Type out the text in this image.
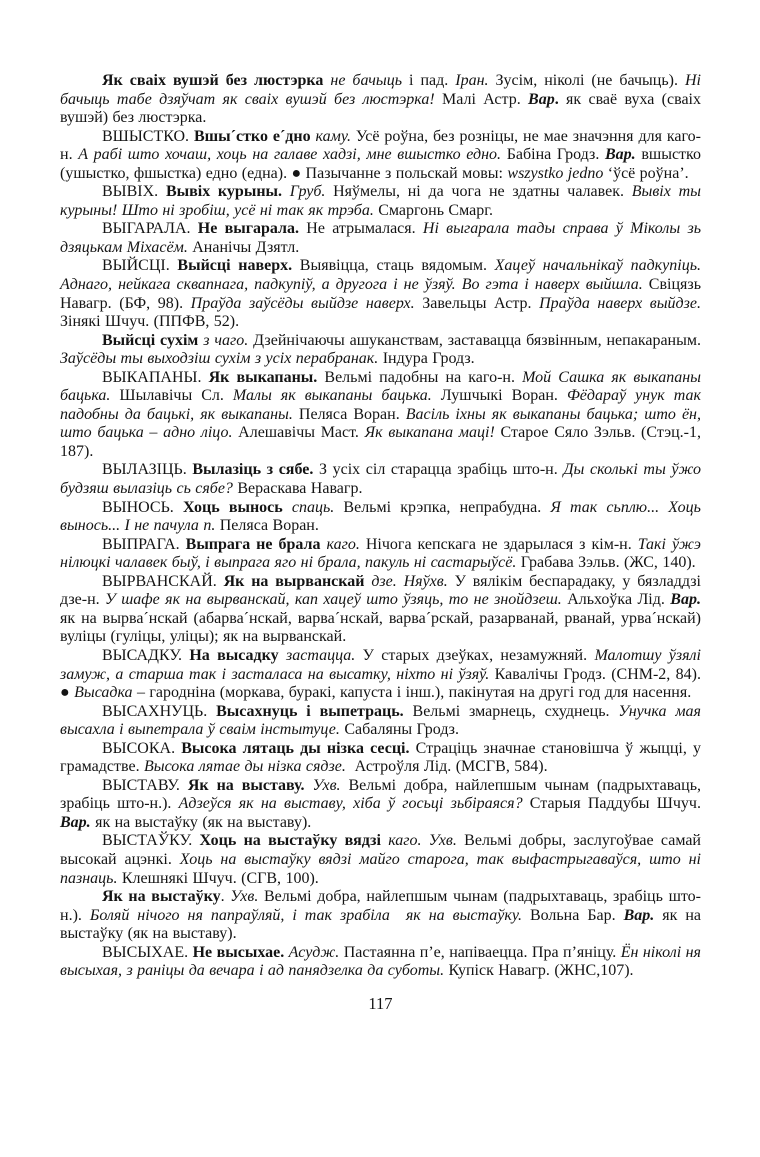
Як сваіх вушэй без люстэрка не бачыць і пад. Іран. Зусім, ніколі (не бачыць). Ні бачыць табе дзяўчат як сваіх вушэй без люстэрка! Малі Астр. Вар. як сваё вуха (сваіх вушэй) без люстэрка.

ВШЫСТКО. Вшы´стко е´дно каму. Усё роўна, без розніцы, не мае значэння для каго-н. А рабі што хочаш, хоць на галаве хадзі, мне вшыстко едно. Бабіна Гродз. Вар. вшыстко (ушыстко, фшыстка) едно (една). ● Пазычанне з польскай мовы: wszystko jedno ‘ўсё роўна’.

ВЫВІХ. Вывіх курыны. Груб. Няўмелы, ні да чога не здатны чалавек. Вывіх ты курыны! Што ні зробіш, усё ні так як трэба. Смаргонь Смарг.

ВЫГАРАЛА. Не выгарала. Не атрымалася. Ні выгарала тады справа ў Міколы зь дзяцькам Міхасём. Ананічы Дзятл.

ВЫЙСЦІ. Выйсці наверх. Выявіцца, стаць вядомым. Хацеў начальнікаў падкупіць. Аднаго, нейкага сквапнага, падкупіў, а другога і не ўзяў. Во гэта і наверх выйшла. Свіцязь Навагр. (БФ, 98). Праўда заўсёды выйдзе наверх. Завельцы Астр. Праўда наверх выйдзе. Зінякі Шчуч. (ППФВ, 52).

Выйсці сухім з чаго. Дзейнічаючы ашуканствам, заставацца бязвінным, непакараным. Заўсёды ты выходзіш сухім з усіх перабранак. Індура Гродз.

ВЫКАПАНЫ. Як выкапаны. Вельмі падобны на каго-н. Мой Сашка як выкапаны бацька. Шылавічы Сл. Малы як выкапаны бацька. Лушчыкі Воран. Фёдараў унук так падобны да бацькі, як выкапаны. Пеляса Воран. Васіль іхны як выкапаны бацька; што ён, што бацька – адно ліцо. Алешавічы Маст. Як выкапана маці! Старое Сяло Зэльв. (Стэц.-1, 187).

ВЫЛАЗІЦЬ. Вылазіць з сябе. З усіх сіл старацца зрабіць што-н. Ды сколькі ты ўжо будзяш вылазіць сь сябе? Вераскава Навагр.

ВЫНОСЬ. Хоць вынось спаць. Вельмі крэпка, непрабудна. Я так сьплю... Хоць вынось... І не пачула п. Пеляса Воран.

ВЫПРАГА. Выпрага не брала каго. Нічога кепскага не здарылася з кім-н. Такі ўжэ нілюцкі чалавек быў, і выпрага яго ні брала, пакуль ні састарыўсё. Грабава Зэльв. (ЖС, 140).

ВЫРВАНСКАЙ. Як на вырванскай дзе. Няўхв. У вялікім беспарадаку, у бязладдзі дзе-н. У шафе як на вырванскай, кап хацеў што ўзяць, то не знойдзеш. Альхоўка Лід. Вар. як на вырва´нскай (абарва´нскай, варва´нскай, варва´рскай, разарванай, рванай, урва´нскай) вуліцы (гуліцы, уліцы); як на вырванскай.

ВЫСАДКУ. На высадку застацца. У старых дзеўках, незамужняй. Малотшу ўзялі замуж, а старша так і засталаса на высатку, ніхто ні ўзяў. Кавалічы Гродз. (СНМ-2, 84). ● Высадка – гародніна (моркава, буракі, капуста і інш.), пакінутая на другі год для насення.

ВЫСАХНУЦЬ. Высахнуць і выпетраць. Вельмі змарнець, схуднець. Унучка мая высахла і выпетрала ў сваім інстытуце. Сабаляны Гродз.

ВЫСОКА. Высока лятаць ды нізка сесці. Страціць значнае становішча ў жыцці, у грамадстве. Высока лятае ды нізка сядзе.  Астроўля Лід. (МСГВ, 584).

ВЫСТАВУ. Як на выставу. Ухв. Вельмі добра, найлепшым чынам (падрыхтаваць, зрабіць што-н.). Адзеўся як на выставу, хіба ў госьці зьбіраяся? Старыя Паддубы Шчуч. Вар. як на выстаўку (як на выставу).

ВЫСТАЎКУ. Хоць на выстаўку вядзі каго. Ухв. Вельмі добры, заслугоўвае самай высокай ацэнкі. Хоць на выстаўку вядзі майго старога, так выфастрыгаваўся, што ні пазнаць. Клешнякі Шчуч. (СГВ, 100).

Як на выстаўку. Ухв. Вельмі добра, найлепшым чынам (падрыхтаваць, зрабіць што-н.). Боляй нічого ня папраўляй, і так зрабіла  як на выстаўку. Вольна Бар. Вар. як на выстаўку (як на выставу).

ВЫСЫХАЕ. Не высыхае. Асудж. Пастаянна п’е, напіваецца. Пра п’яніцу. Ён ніколі ня высыхая, з раніцы да вечара і ад панядзелка да суботы. Купіск Навагр. (ЖНС,107).

117
